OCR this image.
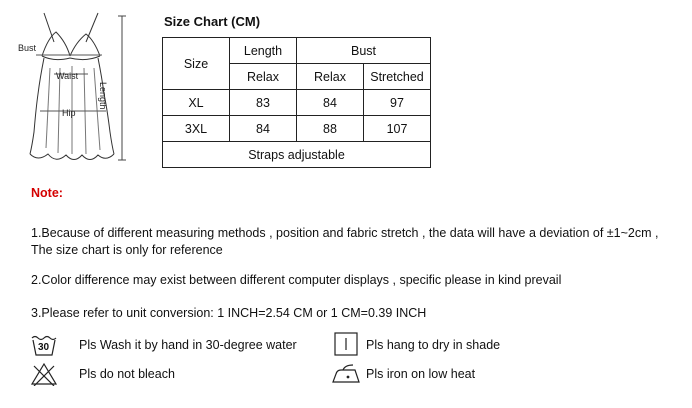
Bust
Waist
Hip
Length
Size Chart (CM)
Size	Length	Bust	
	Relax	Relax	Stretched
XL	83	84	97
3XL	84	88	107
Straps adjustable			
Note:
1.Because of different measuring methods , position and fabric stretch , the data will have a deviation of ±1~2cm ,
The size chart is only for reference
2.Color difference may exist between different computer displays , specific please in kind prevail
3.Please refer to unit conversion: 1 INCH=2.54 CM or 1 CM=0.39 INCH
30 Pls Wash it by hand in 30-degree water
Pls do not bleach
Pls hang to dry in shade
Pls iron on low heat
